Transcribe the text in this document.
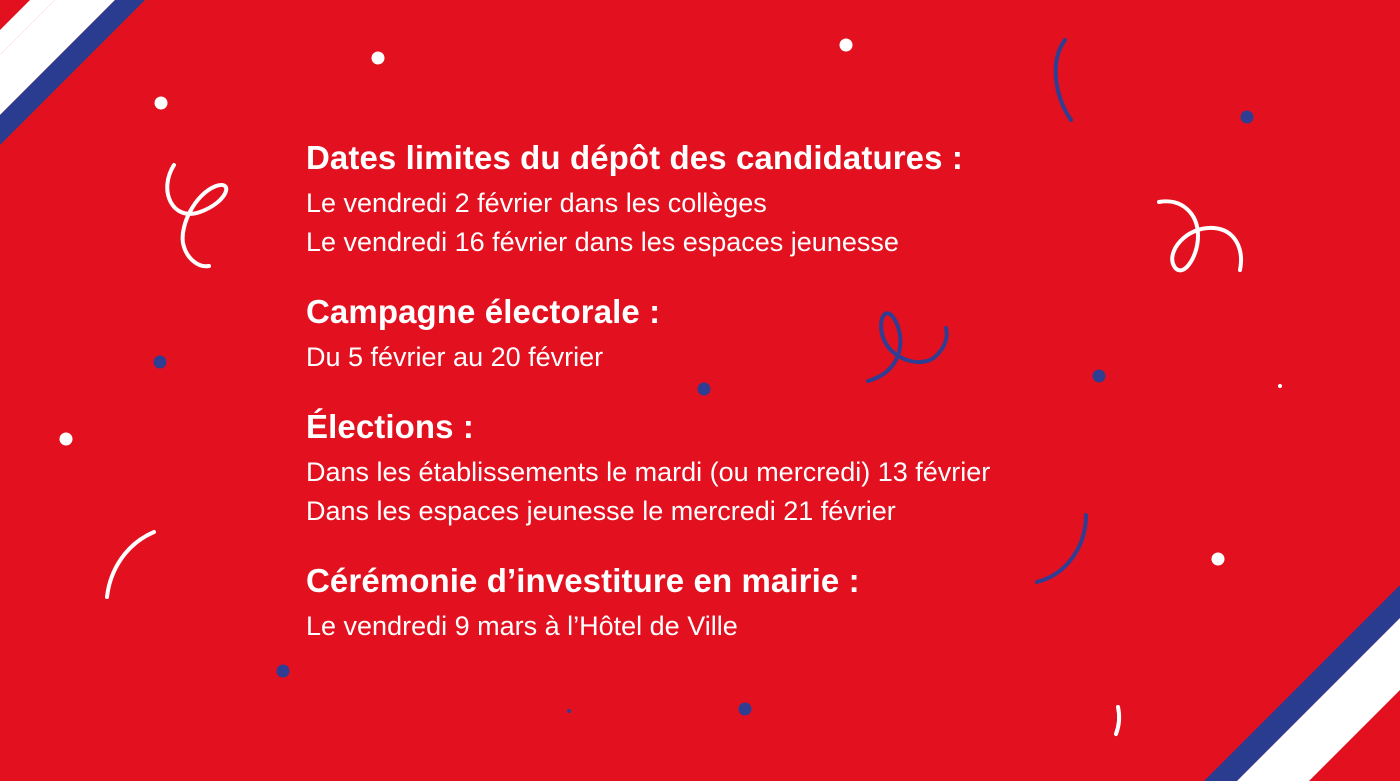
Dates limites du dépôt des candidatures :
Le vendredi 2 février dans les collèges
Le vendredi 16 février dans les espaces jeunesse
Campagne électorale :
Du 5 février au 20 février
Élections :
Dans les établissements le mardi (ou mercredi) 13 février
Dans les espaces jeunesse le mercredi 21 février
Cérémonie d’investiture en mairie :
Le vendredi 9 mars à l’Hôtel de Ville
